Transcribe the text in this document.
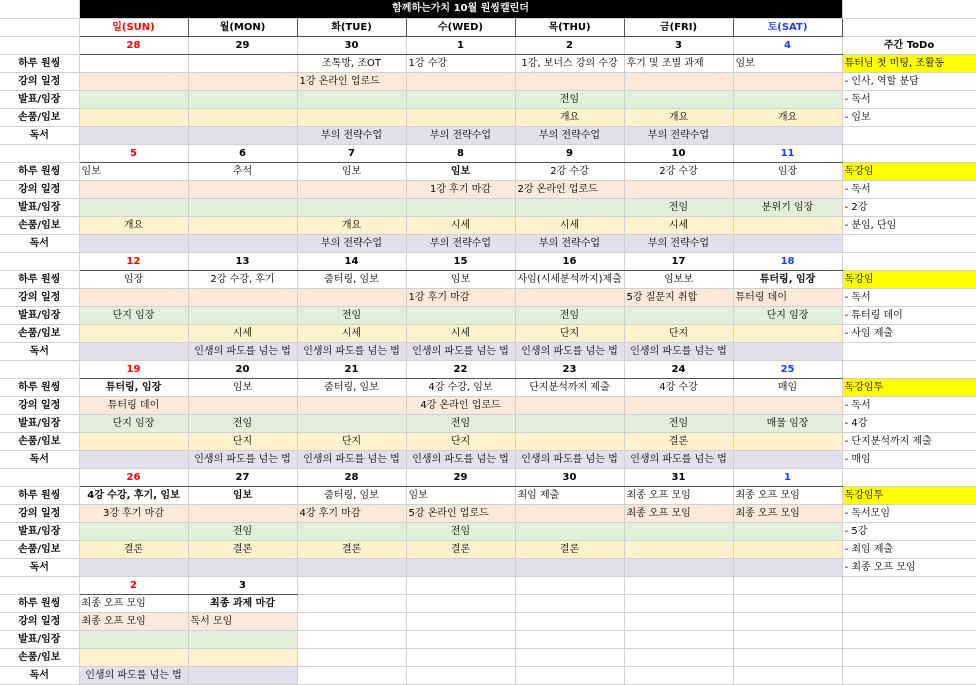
	함께하는가치 10월 원씽캘린더							
	일(SUN)	월(MON)	화(TUE)	수(WED)	목(THU)	금(FRI)	토(SAT)	
	28	29	30	1	2	3	4	주간 ToDo
하루 원씽			조톡방, 조OT	1강 수강	1강, 보너스 강의 수강	후기 및 조별 과제	임보	튜터님 첫 미팅, 조활동
강의 일정			1강 온라인 업로드					- 인사, 역할 분담
발표/임장					전임			- 독서
손품/임보					개요	개요	개요	- 임보
독서			부의 전략수업	부의 전략수업	부의 전략수업	부의 전략수업		
	5	6	7	8	9	10	11	
하루 원씽	임보	추석	임보	임보	2강 수강	2강 수강	임장	독강임
강의 일정				1강 후기 마감	2강 온라인 업로드			- 독서
발표/임장						전임	분위기 임장	- 2강
손품/임보	개요		개요	시세	시세	시세		- 분임, 단임
독서			부의 전략수업	부의 전략수업	부의 전략수업	부의 전략수업		
	12	13	14	15	16	17	18	
하루 원씽	임장	2강 수강, 후기	줌터링, 임보	임보	사임(시세분석까지)제출	임보보	튜터링, 임장	독강임
강의 일정				1강 후기 마감		5강 질문지 취합	튜터링 데이	- 독서
발표/임장	단지 임장		전임		전임		단지 임장	- 튜터링 데이
손품/임보		시세	시세	시세	단지	단지		- 사임 제출
독서		인생의 파도를 넘는 법	인생의 파도를 넘는 법	인생의 파도를 넘는 법	인생의 파도를 넘는 법	인생의 파도를 넘는 법		
	19	20	21	22	23	24	25	
하루 원씽	튜터링, 임장	임보	줌터링, 임보	4강 수강, 임보	단지분석까지 제출	4강 수강	매임	독강임투
강의 일정	튜터링 데이			4강 온라인 업로드				- 독서
발표/임장	단지 임장	전임		전임		전임	매물 임장	- 4강
손품/임보		단지	단지	단지		결론		- 단지분석까지 제출
독서		인생의 파도를 넘는 법	인생의 파도를 넘는 법	인생의 파도를 넘는 법	인생의 파도를 넘는 법	인생의 파도를 넘는 법		- 매임
	26	27	28	29	30	31	1	
하루 원씽	4강 수강, 후기, 임보	임보	줌터링, 임보	임보	최임 제출	최종 오프 모임	최종 오프 모임	독강임투
강의 일정	3강 후기 마감		4강 후기 마감	5강 온라인 업로드		최종 오프 모임	최종 오프 모임	- 독서모임
발표/임장		전임		전임				- 5강
손품/임보	결론	결론	결론	결론	결론			- 최임 제출
독서								- 최종 오프 모임
	2	3						
하루 원씽	최종 오프 모임	최종 과제 마감						
강의 일정	최종 오프 모임	독서 모임						
발표/임장								
손품/임보								
독서	인생의 파도를 넘는 법							
